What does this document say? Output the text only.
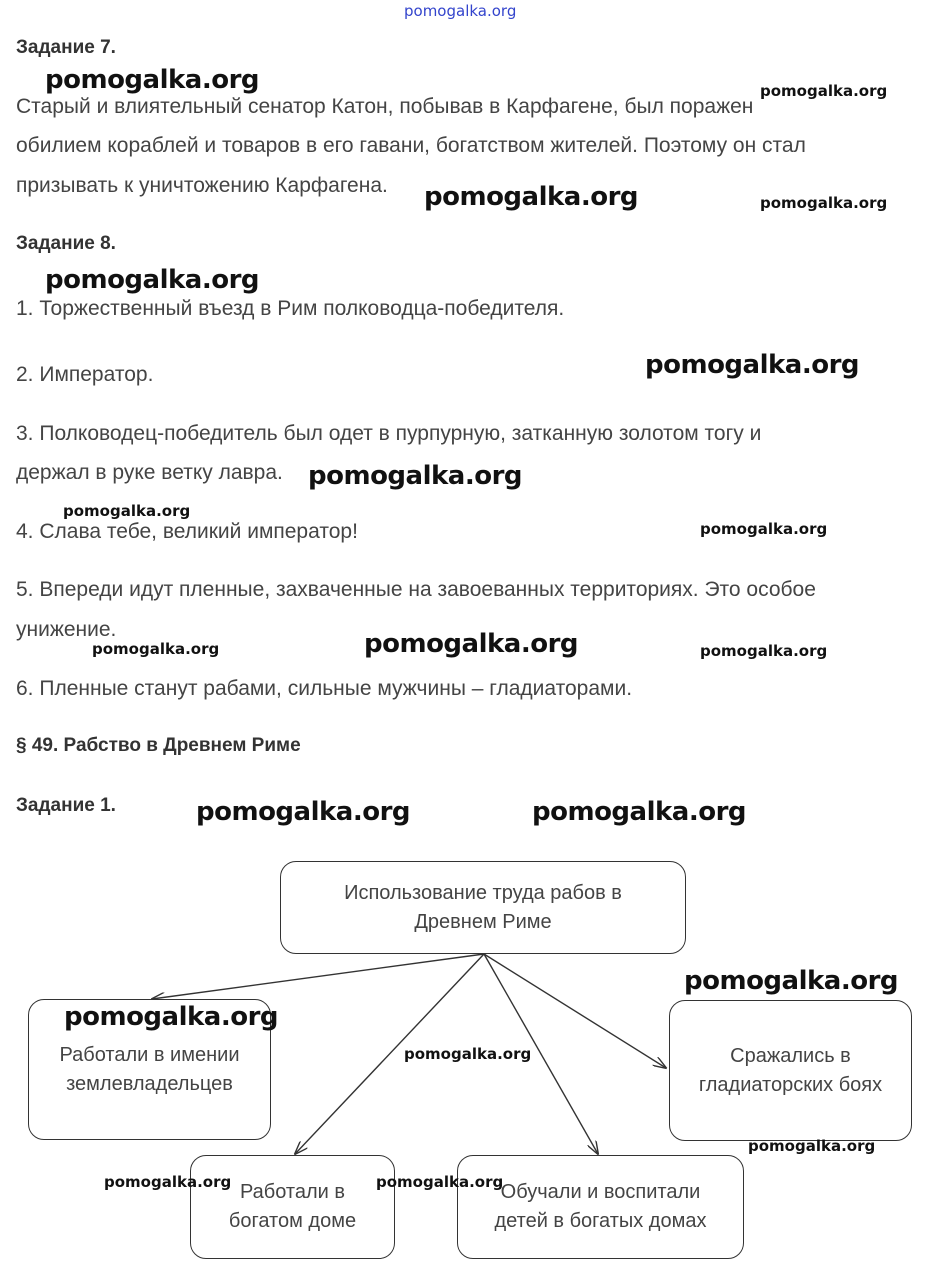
pomogalka.org
Задание 7.
Старый и влиятельный сенатор Катон, побывав в Карфагене, был поражен
обилием кораблей и товаров в его гавани, богатством жителей. Поэтому он стал
призывать к уничтожению Карфагена.
Задание 8.
1. Торжественный въезд в Рим полководца-победителя.
2. Император.
3. Полководец-победитель был одет в пурпурную, затканную золотом тогу и
держал в руке ветку лавра.
4. Слава тебе, великий император!
5. Впереди идут пленные, захваченные на завоеванных территориях. Это особое
унижение.
6. Пленные станут рабами, сильные мужчины – гладиаторами.
§ 49. Рабство в Древнем Риме
Задание 1.
Использование труда рабов в
Древнем Риме
Работали в имении
землевладельцев
Сражались в
гладиаторских боях
Работали в
богатом доме
Обучали и воспитали
детей в богатых домах
pomogalka.org	pomogalka.org
pomogalka.org	pomogalka.org
pomogalka.org
pomogalka.org
pomogalka.org
pomogalka.org
pomogalka.org
pomogalka.org	pomogalka.org	pomogalka.org
pomogalka.org	pomogalka.org
pomogalka.org
pomogalka.org
pomogalka.org
pomogalka.org
pomogalka.org	pomogalka.org
